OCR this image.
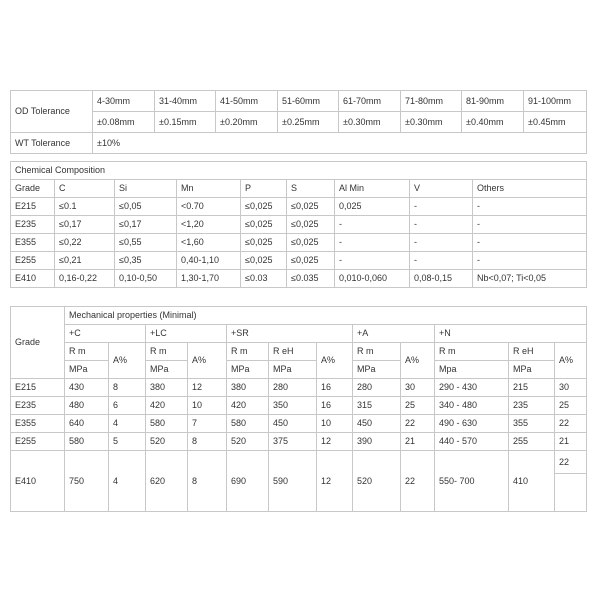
OD Tolerance	4-30mm	31-40mm	41-50mm	51-60mm	61-70mm	71-80mm	81-90mm	91-100mm
	±0.08mm	±0.15mm	±0.20mm	±0.25mm	±0.30mm	±0.30mm	±0.40mm	±0.45mm
WT Tolerance	±10%							
Chemical Composition								
Grade	C	Si	Mn	P	S	Al Min	V	Others
E215	≤0.1	≤0,05	<0.70	≤0,025	≤0,025	0,025	-	-
E235	≤0,17	≤0,17	<1,20	≤0,025	≤0,025	-	-	-
E355	≤0,22	≤0,55	<1,60	≤0,025	≤0,025	-	-	-
E255	≤0,21	≤0,35	0,40-1,10	≤0,025	≤0,025	-	-	-
E410	0,16-0,22	0,10-0,50	1,30-1,70	≤0.03	≤0.035	0,010-0,060	0,08-0,15	Nb<0,07; Ti<0,05
Grade	Mechanical properties (Minimal)											
	+C		+LC		+SR			+A		+N		
	R m	A%	R m	A%	R m	R eH	A%	R m	A%	R m	R eH	A%
	MPa		MPa		MPa	MPa		MPa		Mpa	MPa	
E215	430	8	380	12	380	280	16	280	30	290 - 430	215	30
E235	480	6	420	10	420	350	16	315	25	340 - 480	235	25
E355	640	4	580	7	580	450	10	450	22	490 - 630	355	22
E255	580	5	520	8	520	375	12	390	21	440 - 570	255	21
E410	750	4	620	8	690	590	12	520	22	550- 700	410	22
